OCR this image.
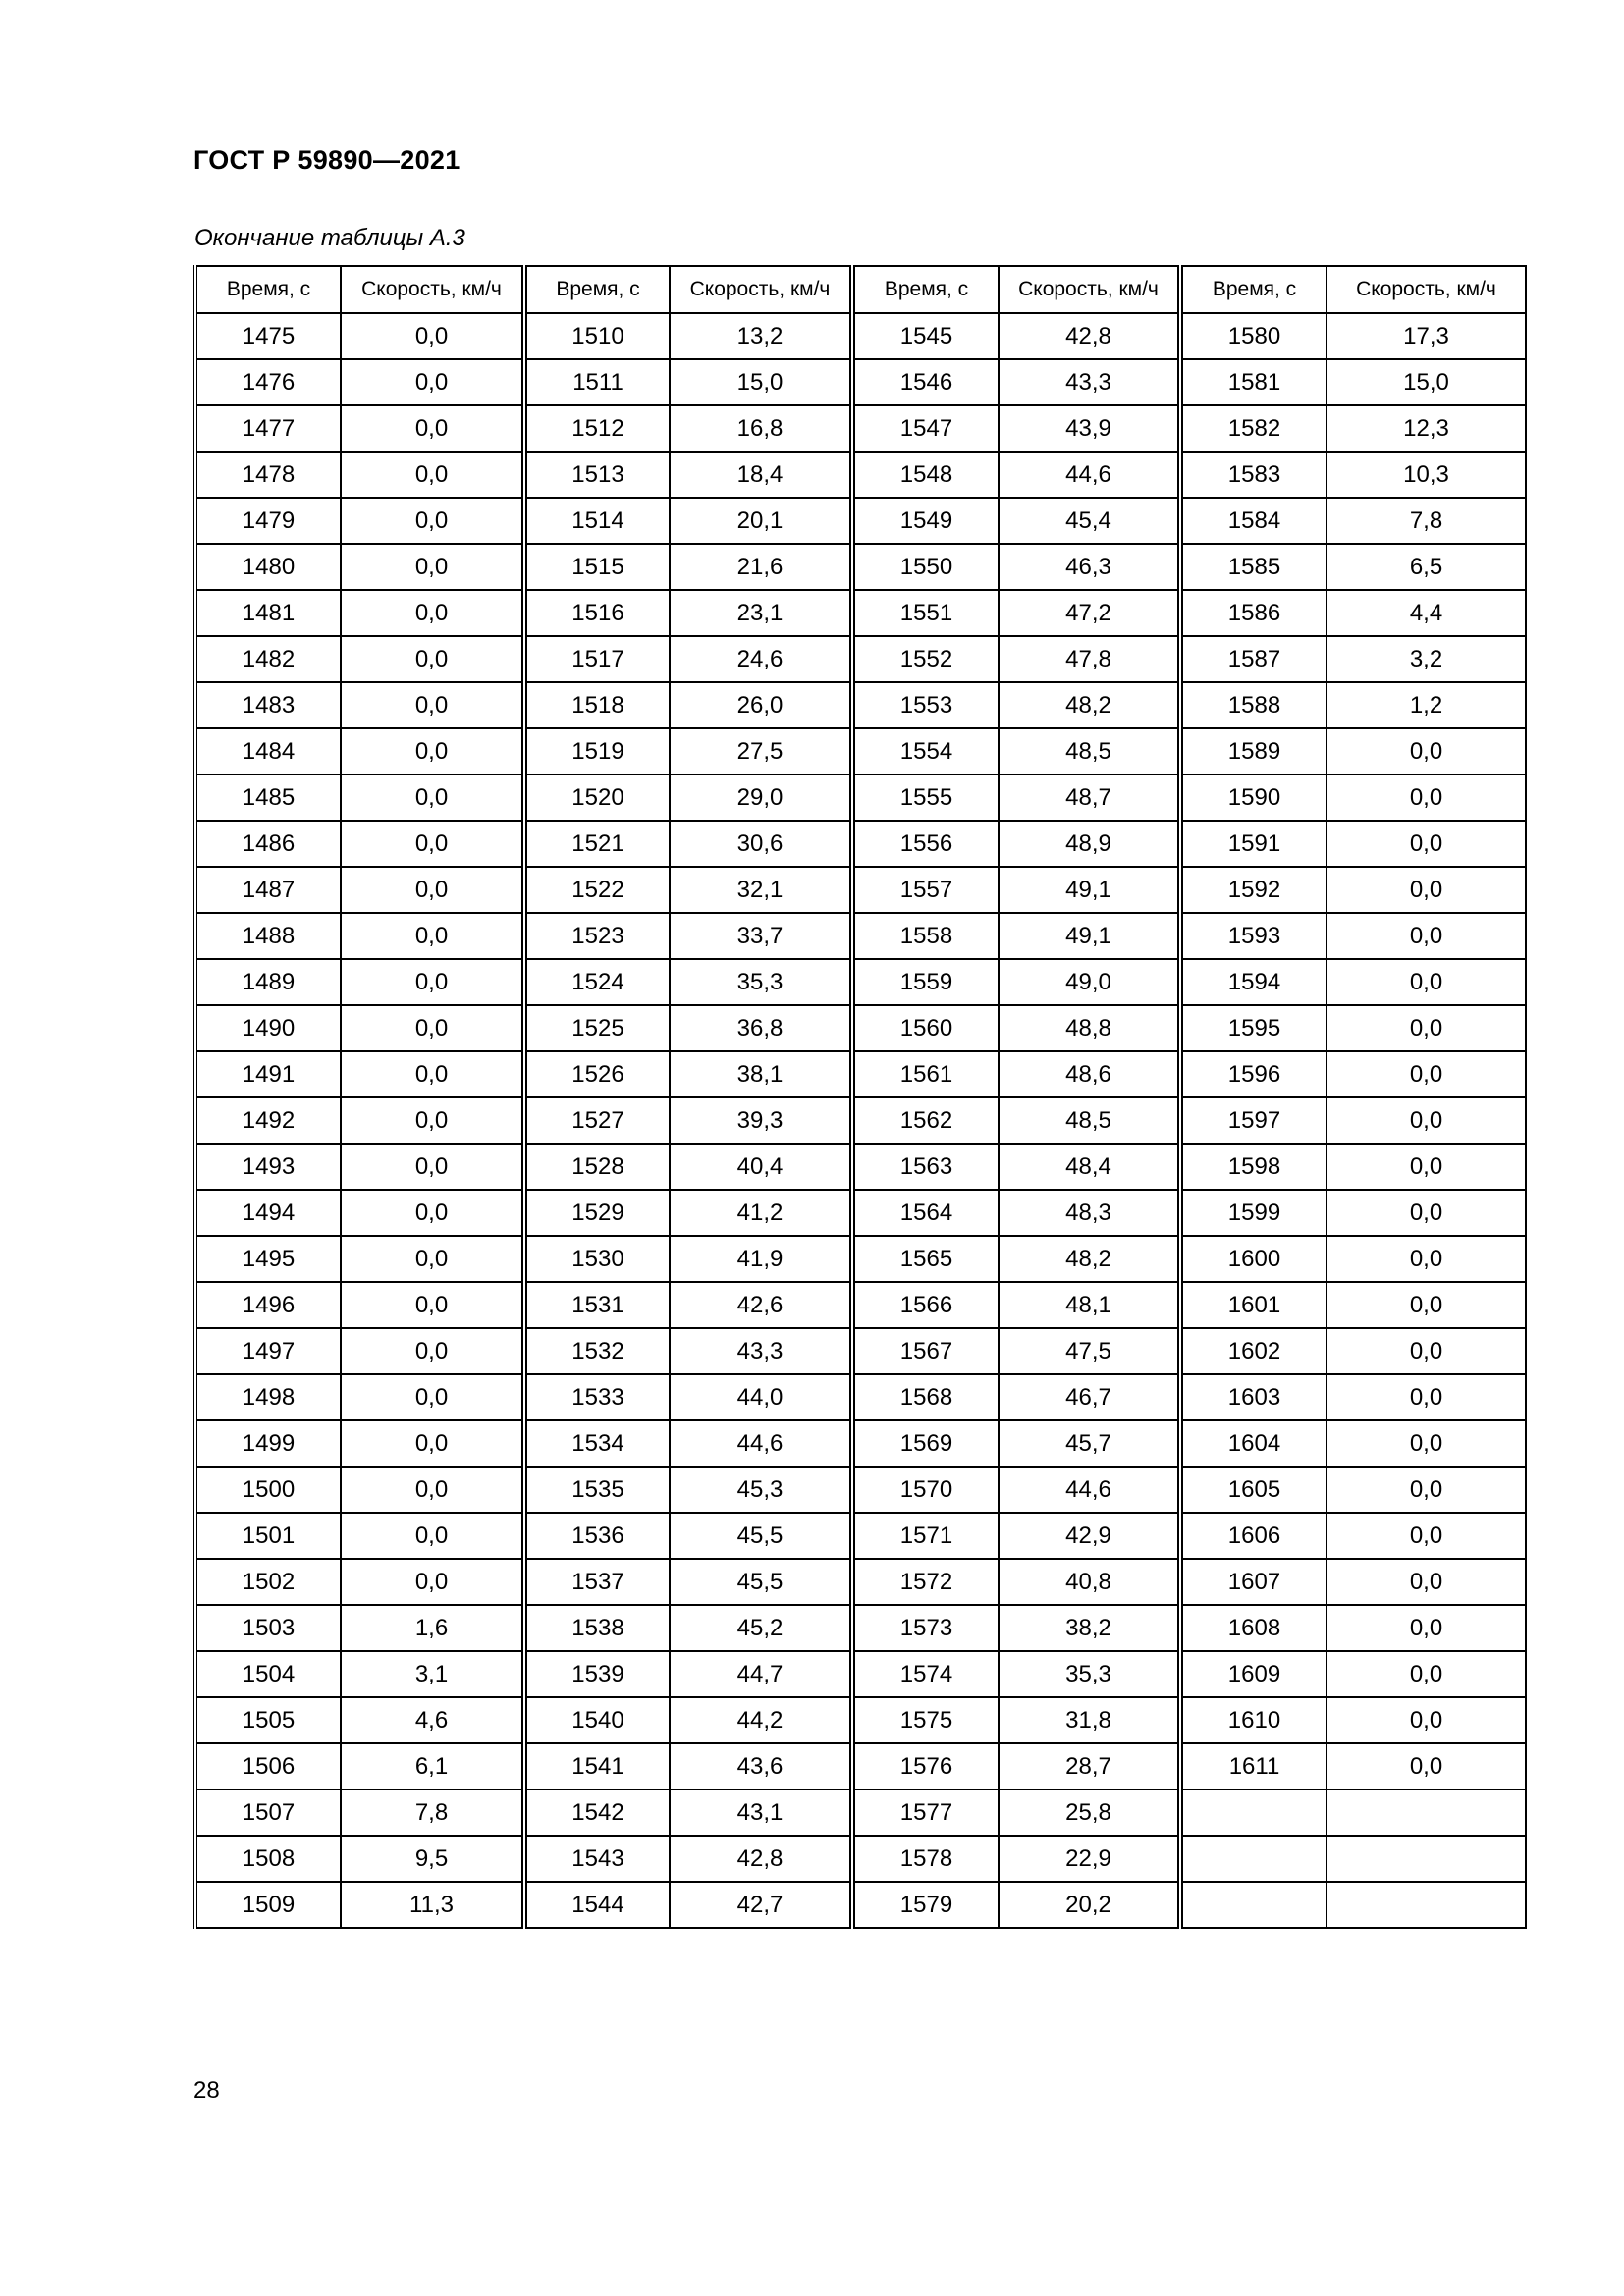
ГОСТ Р 59890—2021
Окончание таблицы А.3
Время, с	Скорость, км/ч	Время, с	Скорость, км/ч	Время, с	Скорость, км/ч	Время, с	Скорость, км/ч
1475	0,0	1510	13,2	1545	42,8	1580	17,3
1476	0,0	1511	15,0	1546	43,3	1581	15,0
1477	0,0	1512	16,8	1547	43,9	1582	12,3
1478	0,0	1513	18,4	1548	44,6	1583	10,3
1479	0,0	1514	20,1	1549	45,4	1584	7,8
1480	0,0	1515	21,6	1550	46,3	1585	6,5
1481	0,0	1516	23,1	1551	47,2	1586	4,4
1482	0,0	1517	24,6	1552	47,8	1587	3,2
1483	0,0	1518	26,0	1553	48,2	1588	1,2
1484	0,0	1519	27,5	1554	48,5	1589	0,0
1485	0,0	1520	29,0	1555	48,7	1590	0,0
1486	0,0	1521	30,6	1556	48,9	1591	0,0
1487	0,0	1522	32,1	1557	49,1	1592	0,0
1488	0,0	1523	33,7	1558	49,1	1593	0,0
1489	0,0	1524	35,3	1559	49,0	1594	0,0
1490	0,0	1525	36,8	1560	48,8	1595	0,0
1491	0,0	1526	38,1	1561	48,6	1596	0,0
1492	0,0	1527	39,3	1562	48,5	1597	0,0
1493	0,0	1528	40,4	1563	48,4	1598	0,0
1494	0,0	1529	41,2	1564	48,3	1599	0,0
1495	0,0	1530	41,9	1565	48,2	1600	0,0
1496	0,0	1531	42,6	1566	48,1	1601	0,0
1497	0,0	1532	43,3	1567	47,5	1602	0,0
1498	0,0	1533	44,0	1568	46,7	1603	0,0
1499	0,0	1534	44,6	1569	45,7	1604	0,0
1500	0,0	1535	45,3	1570	44,6	1605	0,0
1501	0,0	1536	45,5	1571	42,9	1606	0,0
1502	0,0	1537	45,5	1572	40,8	1607	0,0
1503	1,6	1538	45,2	1573	38,2	1608	0,0
1504	3,1	1539	44,7	1574	35,3	1609	0,0
1505	4,6	1540	44,2	1575	31,8	1610	0,0
1506	6,1	1541	43,6	1576	28,7	1611	0,0
1507	7,8	1542	43,1	1577	25,8		
1508	9,5	1543	42,8	1578	22,9		
1509	11,3	1544	42,7	1579	20,2		
28
